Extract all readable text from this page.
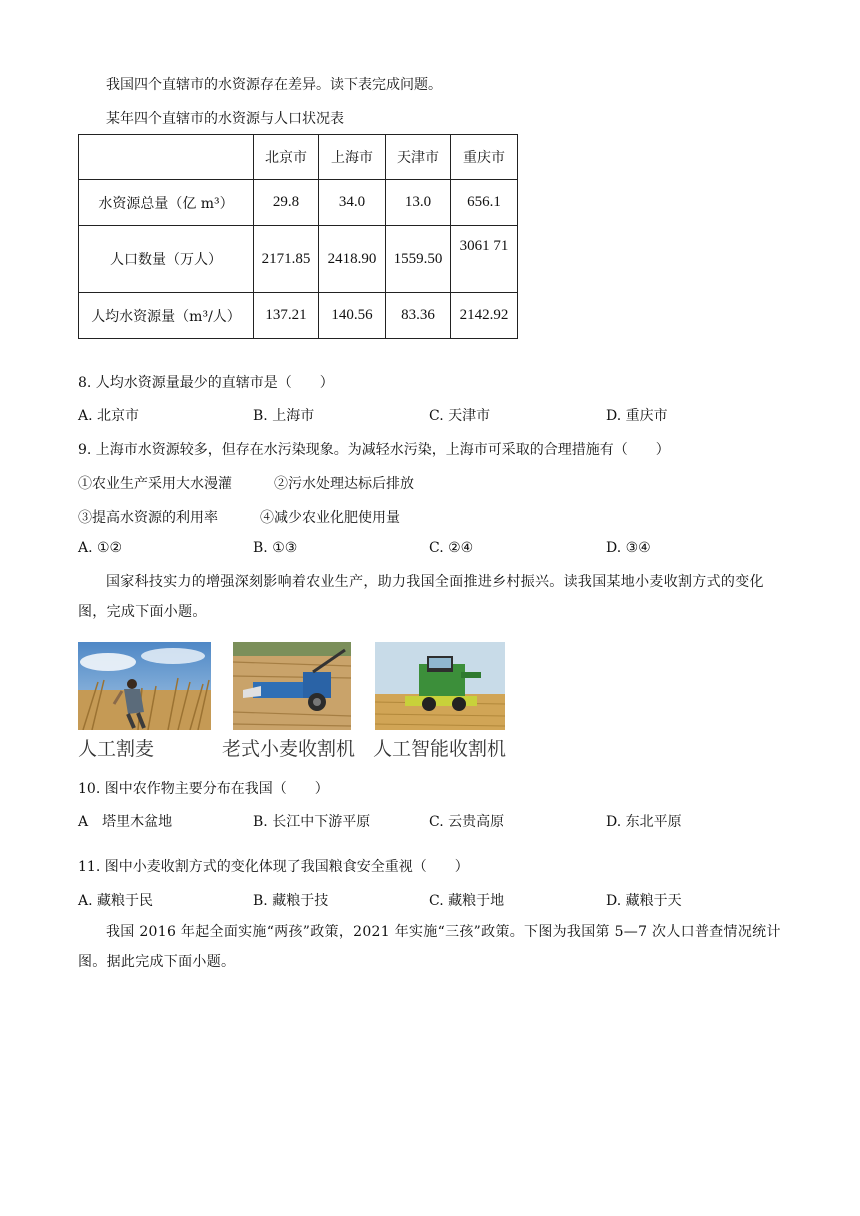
我国四个直辖市的水资源存在差异。读下表完成问题。
某年四个直辖市的水资源与人口状况表
	北京市	上海市	天津市	重庆市
水资源总量（亿 m³）	29.8	34.0	13.0	656.1
人口数量（万人）	2171.85	2418.90	1559.50	3061 71
人均水资源量（m³/人）	137.21	140.56	83.36	2142.92
8. 人均水资源量最少的直辖市是（　　）
A. 北京市	B. 上海市	C. 天津市	D. 重庆市
9. 上海市水资源较多，但存在水污染现象。为减轻水污染，上海市可采取的合理措施有（　　）
①农业生产采用大水漫灌	②污水处理达标后排放
③提高水资源的利用率	④减少农业化肥使用量
A. ①②	B. ①③	C. ②④	D. ③④
国家科技实力的增强深刻影响着农业生产，助力我国全面推进乡村振兴。读我国某地小麦收割方式的变化图，完成下面小题。
人工割麦	老式小麦收割机 人工智能收割机
10. 图中农作物主要分布在我国（　　）
A　塔里木盆地	B. 长江中下游平原	C. 云贵高原	D. 东北平原
11. 图中小麦收割方式的变化体现了我国粮食安全重视（　　）
A. 藏粮于民	B. 藏粮于技	C. 藏粮于地	D. 藏粮于天
我国 2016 年起全面实施“两孩”政策，2021 年实施“三孩”政策。下图为我国第 5—7 次人口普查情况统计图。据此完成下面小题。
